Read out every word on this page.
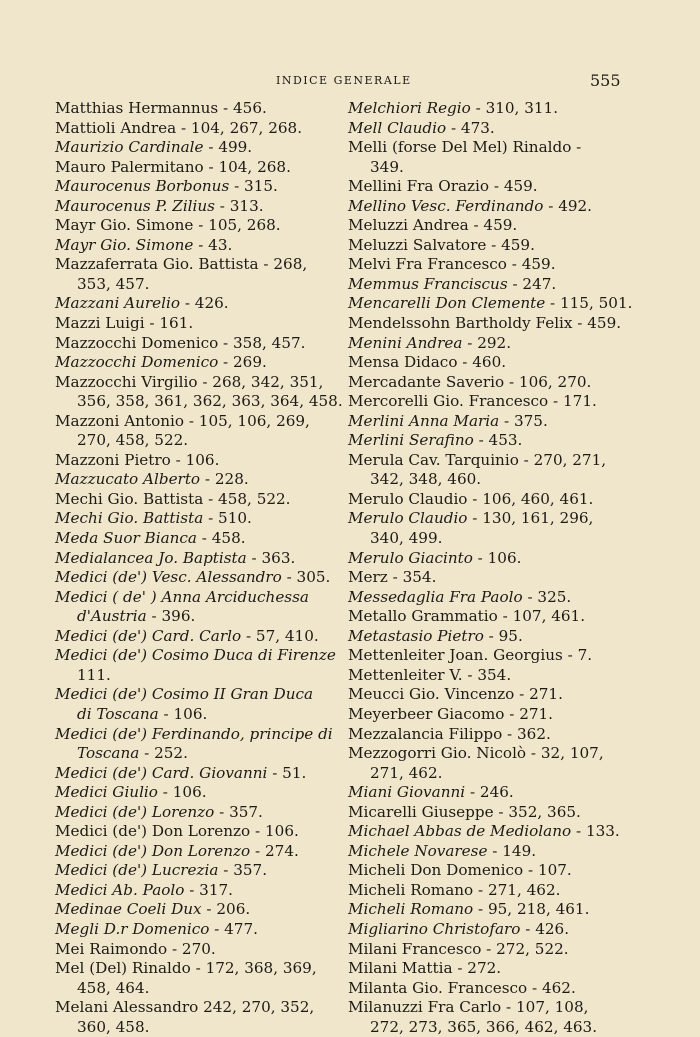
INDICE GENERALE	555

Matthias Hermannus - 456.

Mattioli Andrea - 104, 267, 268.

Maurizio Cardinale - 499.

Mauro Palermitano - 104, 268.

Maurocenus Borbonus - 315.

Maurocenus P. Zilius - 313.

Mayr Gio. Simone - 105, 268.

Mayr Gio. Simone - 43.

Mazzaferrata Gio. Battista - 268,

353, 457.

Mazzani Aurelio - 426.

Mazzi Luigi - 161.

Mazzocchi Domenico - 358, 457.

Mazzocchi Domenico - 269.

Mazzocchi Virgilio - 268, 342, 351,

356, 358, 361, 362, 363, 364, 458.

Mazzoni Antonio - 105, 106, 269,

270, 458, 522.

Mazzoni Pietro - 106.

Mazzucato Alberto - 228.

Mechi Gio. Battista - 458, 522.

Mechi Gio. Battista - 510.

Meda Suor Bianca - 458.

Medialancea Jo. Baptista - 363.

Medici (de') Vesc. Alessandro - 305.

Medici ( de' ) Anna Arciduchessa

d'Austria - 396.

Medici (de') Card. Carlo - 57, 410.

Medici (de') Cosimo Duca di Firenze

111.

Medici (de') Cosimo II Gran Duca

di Toscana - 106.

Medici (de') Ferdinando, principe di

Toscana - 252.

Medici (de') Card. Giovanni - 51.

Medici Giulio - 106.

Medici (de') Lorenzo - 357.

Medici (de') Don Lorenzo - 106.

Medici (de') Don Lorenzo - 274.

Medici (de') Lucrezia - 357.

Medici Ab. Paolo - 317.

Medinae Coeli Dux - 206.

Megli D.r Domenico - 477.

Mei Raimondo - 270.

Mel (Del) Rinaldo - 172, 368, 369,

458, 464.

Melani Alessandro 242, 270, 352,

360, 458.

Melchiori Regio - 310, 311.

Mell Claudio - 473.

Melli (forse Del Mel) Rinaldo -

349.

Mellini Fra Orazio - 459.

Mellino Vesc. Ferdinando - 492.

Meluzzi Andrea - 459.

Meluzzi Salvatore - 459.

Melvi Fra Francesco - 459.

Memmus Franciscus - 247.

Mencarelli Don Clemente - 115, 501.

Mendelssohn Bartholdy Felix - 459.

Menini Andrea - 292.

Mensa Didaco - 460.

Mercadante Saverio - 106, 270.

Mercorelli Gio. Francesco - 171.

Merlini Anna Maria - 375.

Merlini Serafino - 453.

Merula Cav. Tarquinio - 270, 271,

342, 348, 460.

Merulo Claudio - 106, 460, 461.

Merulo Claudio - 130, 161, 296,

340, 499.

Merulo Giacinto - 106.

Merz - 354.

Messedaglia Fra Paolo - 325.

Metallo Grammatio - 107, 461.

Metastasio Pietro - 95.

Mettenleiter Joan. Georgius - 7.

Mettenleiter V. - 354.

Meucci Gio. Vincenzo - 271.

Meyerbeer Giacomo - 271.

Mezzalancia Filippo - 362.

Mezzogorri Gio. Nicolò - 32, 107,

271, 462.

Miani Giovanni - 246.

Micarelli Giuseppe - 352, 365.

Michael Abbas de Mediolano - 133.

Michele Novarese - 149.

Micheli Don Domenico - 107.

Micheli Romano - 271, 462.

Micheli Romano - 95, 218, 461.

Migliarino Christofaro - 426.

Milani Francesco - 272, 522.

Milani Mattia - 272.

Milanta Gio. Francesco - 462.

Milanuzzi Fra Carlo - 107, 108,

272, 273, 365, 366, 462, 463.
